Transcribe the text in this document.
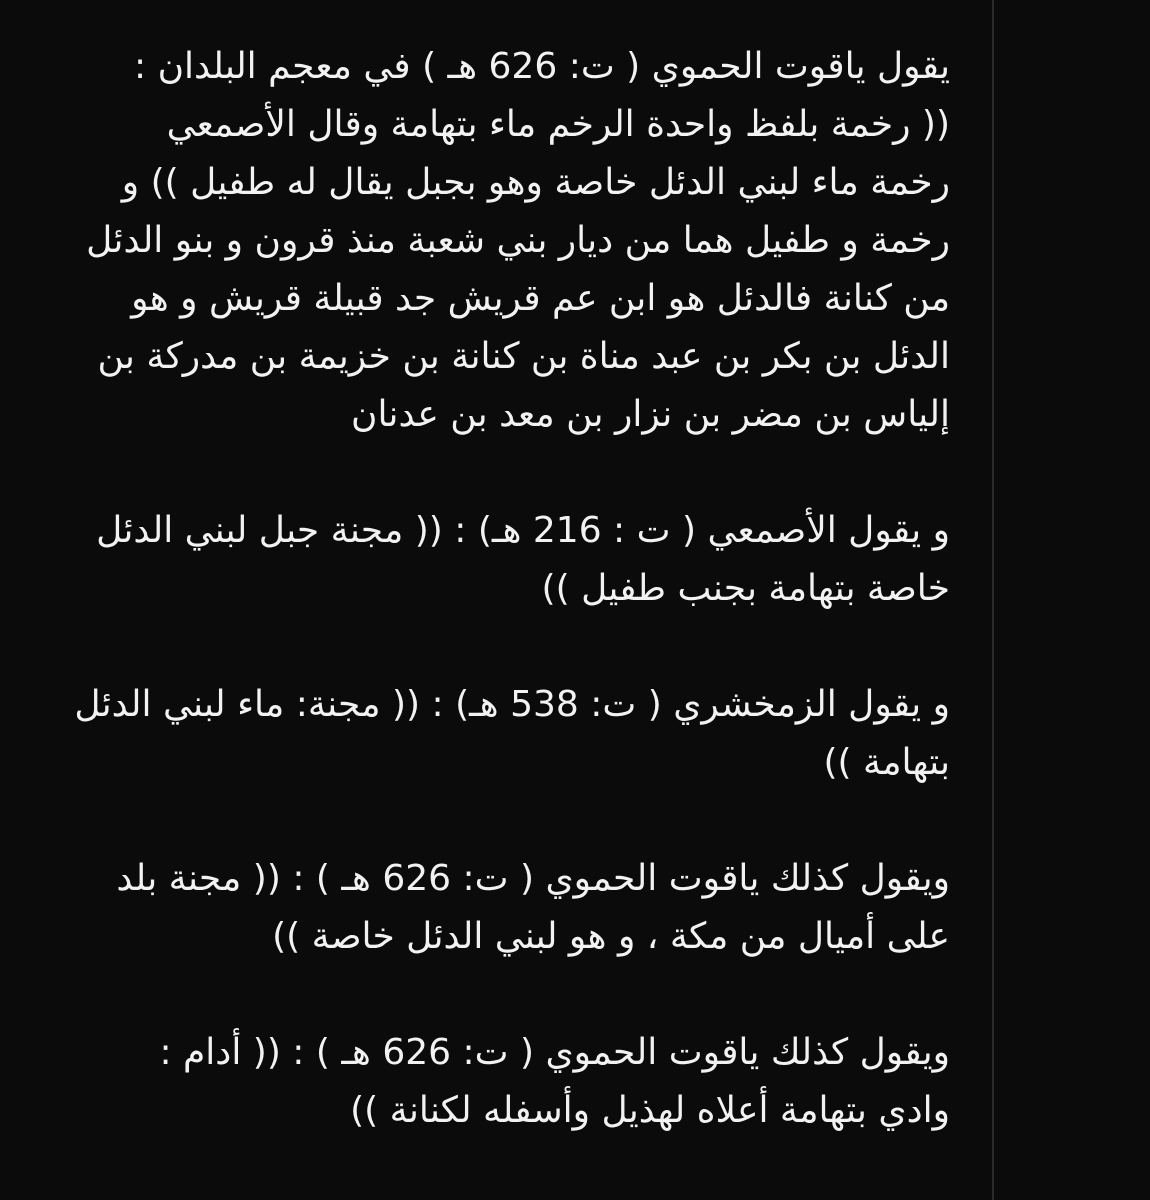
يقول ياقوت الحموي ( ت: 626 هـ ) في معجم البلدان :
(( رخمة بلفظ واحدة الرخم ماء بتهامة وقال الأصمعي
رخمة ماء لبني الدئل خاصة وهو بجبل يقال له طفيل )) و
رخمة و طفيل هما من ديار بني شعبة منذ قرون و بنو الدئل
من كنانة فالدئل هو ابن عم قريش جد قبيلة قريش و هو
الدئل بن بكر بن عبد مناة بن كنانة بن خزيمة بن مدركة بن
إلياس بن مضر بن نزار بن معد بن عدنان

و يقول الأصمعي ( ت : 216 هـ) : (( مجنة جبل لبني الدئل
خاصة بتهامة بجنب طفيل ))

و يقول الزمخشري ( ت: 538 هـ) : (( مجنة: ماء لبني الدئل
بتهامة ))

ويقول كذلك ياقوت الحموي ( ت: 626 هـ ) : (( مجنة بلد
على أميال من مكة ، و هو لبني الدئل خاصة ))

ويقول كذلك ياقوت الحموي ( ت: 626 هـ ) : (( أدام :
وادي بتهامة أعلاه لهذيل وأسفله لكنانة ))
